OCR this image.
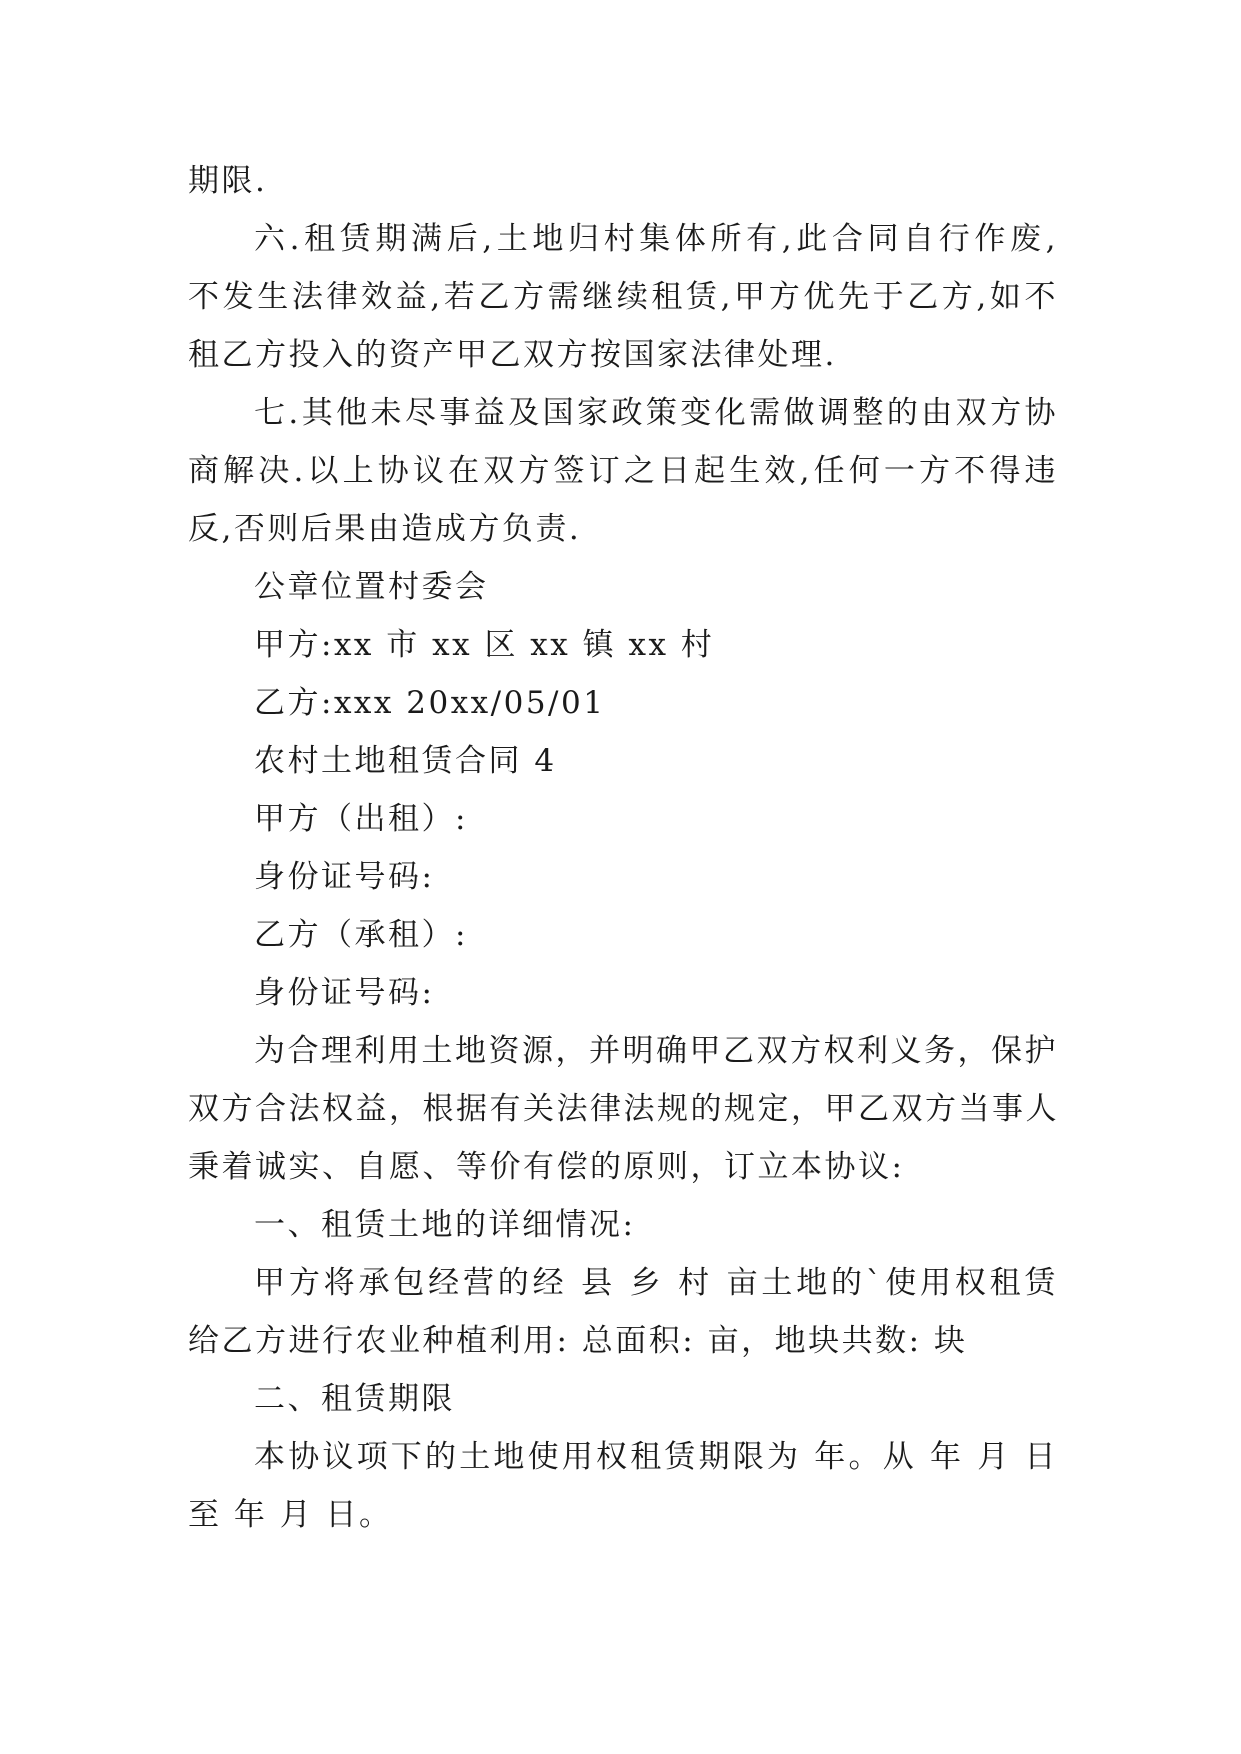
期限.
六.租赁期满后,土地归村集体所有,此合同自行作废,
不发生法律效益,若乙方需继续租赁,甲方优先于乙方,如不
租乙方投入的资产甲乙双方按国家法律处理.
七.其他未尽事益及国家政策变化需做调整的由双方协
商解决.以上协议在双方签订之日起生效,任何一方不得违
反,否则后果由造成方负责.
公章位置村委会
甲方:xx 市 xx 区 xx 镇 xx 村
乙方:xxx 20xx/05/01
农村土地租赁合同 4
甲方（出租）:
身份证号码:
乙方（承租）:
身份证号码:
为合理利用土地资源，并明确甲乙双方权利义务，保护
双方合法权益，根据有关法律法规的规定，甲乙双方当事人
秉着诚实、自愿、等价有偿的原则，订立本协议:
一、租赁土地的详细情况:
甲方将承包经营的经 县 乡 村 亩土地的`使用权租赁
给乙方进行农业种植利用: 总面积: 亩，地块共数: 块
二、租赁期限
本协议项下的土地使用权租赁期限为 年。从 年 月 日
至 年 月 日。
